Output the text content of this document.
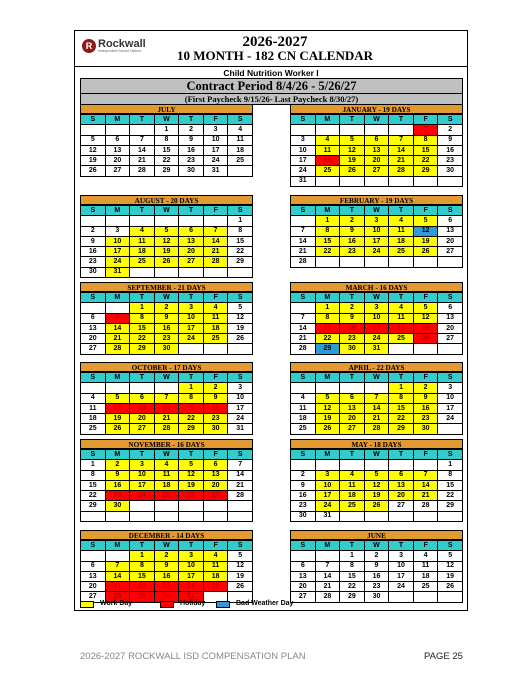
R Rockwall
Independent School District
2026-2027
10 MONTH - 182 CN CALENDAR
Child Nutrition Worker I
Contract Period 8/4/26 - 5/26/27
(First Paycheck 9/15/26- Last Paycheck 8/30/27)
JULY
S	M	T	W	T	F	S
			1	2	3	4
5	6	7	8	9	10	11
12	13	14	15	16	17	18
19	20	21	22	23	24	25
26	27	28	29	30	31	
JANUARY - 19 DAYS
S	M	T	W	T	F	S
					1	2
3	4	5	6	7	8	9
10	11	12	13	14	15	16
17	18	19	20	21	22	23
24	25	26	27	28	29	30
31						
AUGUST - 20 DAYS
S	M	T	W	T	F	S
						1
2	3	4	5	6	7	8
9	10	11	12	13	14	15
16	17	18	19	20	21	22
23	24	25	26	27	28	29
30	31					
FEBRUARY - 19 DAYS
S	M	T	W	T	F	S
	1	2	3	4	5	6
7	8	9	10	11	12	13
14	15	16	17	18	19	20
21	22	23	24	25	26	27
28						
SEPTEMBER - 21 DAYS
S	M	T	W	T	F	S
		1	2	3	4	5
6	7	8	9	10	11	12
13	14	15	16	17	18	19
20	21	22	23	24	25	26
27	28	29	30			
MARCH - 16 DAYS
S	M	T	W	T	F	S
	1	2	3	4	5	6
7	8	9	10	11	12	13
14	15	16	17	18	19	20
21	22	23	24	25	26	27
28	29	30	31			
OCTOBER - 17 DAYS
S	M	T	W	T	F	S
				1	2	3
4	5	6	7	8	9	10
11	12	13	14	15	16	17
18	19	20	21	22	23	24
25	26	27	28	29	30	31
APRIL - 22 DAYS
S	M	T	W	T	F	S
				1	2	3
4	5	6	7	8	9	10
11	12	13	14	15	16	17
18	19	20	21	22	23	24
25	26	27	28	29	30	
NOVEMBER - 16 DAYS
S	M	T	W	T	F	S
1	2	3	4	5	6	7
8	9	10	11	12	13	14
15	16	17	18	19	20	21
22	23	24	25	26	27	28
29	30					

MAY - 18 DAYS
S	M	T	W	T	F	S
						1
2	3	4	5	6	7	8
9	10	11	12	13	14	15
16	17	18	19	20	21	22
23	24	25	26	27	28	29
30	31					
DECEMBER - 14 DAYS
S	M	T	W	T	F	S
		1	2	3	4	5
6	7	8	9	10	11	12
13	14	15	16	17	18	19
20	21	22	23	24	25	26
27	28	29	30	31		
JUNE
S	M	T	W	T	F	S
		1	2	3	4	5
6	7	8	9	10	11	12
13	14	15	16	17	18	19
20	21	22	23	24	25	26
27	28	29	30			
Work Day	Holiday	Bad Weather Day
2026-2027 ROCKWALL ISD COMPENSATION PLAN	PAGE 25
